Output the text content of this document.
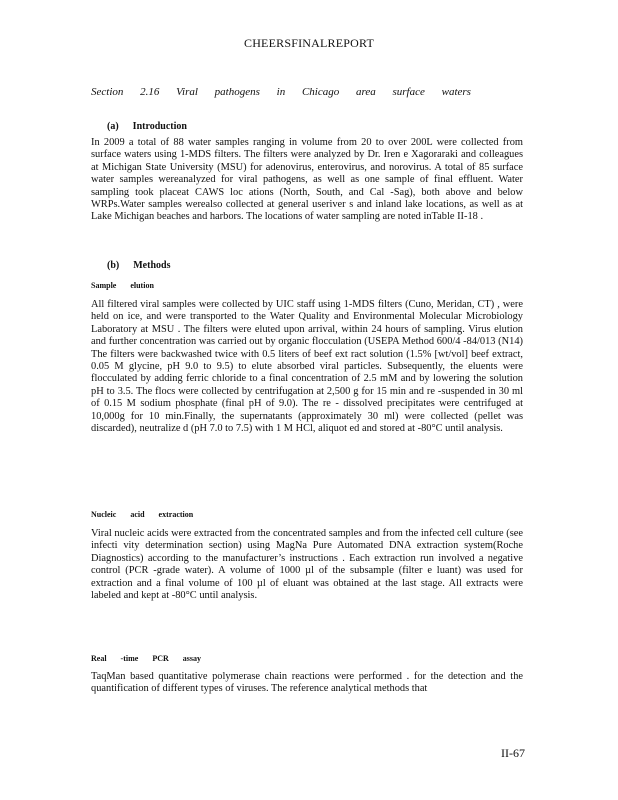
CHEERSFINALREPORT
Section 2.16 Viral pathogens in Chicago area surface waters
(a) Introduction
In 2009 a total of 88 water samples ranging in volume from 20 to over 200L were collected from surface waters using 1-MDS filters. The filters were analyzed by Dr. Iren e Xagoraraki and colleagues at Michigan State University (MSU) for adenovirus, enterovirus, and norovirus. A total of 85 surface water samples wereanalyzed for viral pathogens, as well as one sample of final effluent. Water sampling took placeat CAWS loc ations (North, South, and Cal -Sag), both above and below WRPs.Water samples werealso collected at general useriver s and inland lake locations, as well as at Lake Michigan beaches and harbors. The locations of water sampling are noted inTable II-18 .
(b) Methods
Sample elution
All filtered viral samples were collected by UIC staff using 1-MDS filters (Cuno, Meridan, CT) , were held on ice, and were transported to the Water Quality and Environmental Molecular Microbiology Laboratory at MSU . The filters were eluted upon arrival, within 24 hours of sampling. Virus elution and further concentration was carried out by organic flocculation (USEPA Method 600/4 -84/013 (N14) The filters were backwashed twice with 0.5 liters of beef ext ract solution (1.5% [wt/vol] beef extract, 0.05 M glycine, pH 9.0 to 9.5) to elute absorbed viral particles. Subsequently, the eluents were flocculated by adding ferric chloride to a final concentration of 2.5 mM and by lowering the solution pH to 3.5. The flocs were collected by centrifugation at 2,500 g for 15 min and re -suspended in 30 ml of 0.15 M sodium phosphate (final pH of 9.0). The re - dissolved precipitates were centrifuged at 10,000g for 10 min.Finally, the supernatants (approximately 30 ml) were collected (pellet was discarded), neutralize d (pH 7.0 to 7.5) with 1 M HCl, aliquot ed and stored at -80°C until analysis.
Nucleic acid extraction
Viral nucleic acids were extracted from the concentrated samples and from the infected cell culture (see infecti vity determination section) using MagNa Pure Automated DNA extraction system(Roche Diagnostics) according to the manufacturer’s instructions . Each extraction run involved a negative control (PCR -grade water). A volume of 1000 µl of the subsample (filter e luant) was used for extraction and a final volume of 100 µl of eluant was obtained at the last stage. All extracts were labeled and kept at -80°C until analysis.
Real -time PCR assay
TaqMan based quantitative polymerase chain reactions were performed . for the detection and the quantification of different types of viruses. The reference analytical methods that
II-67
